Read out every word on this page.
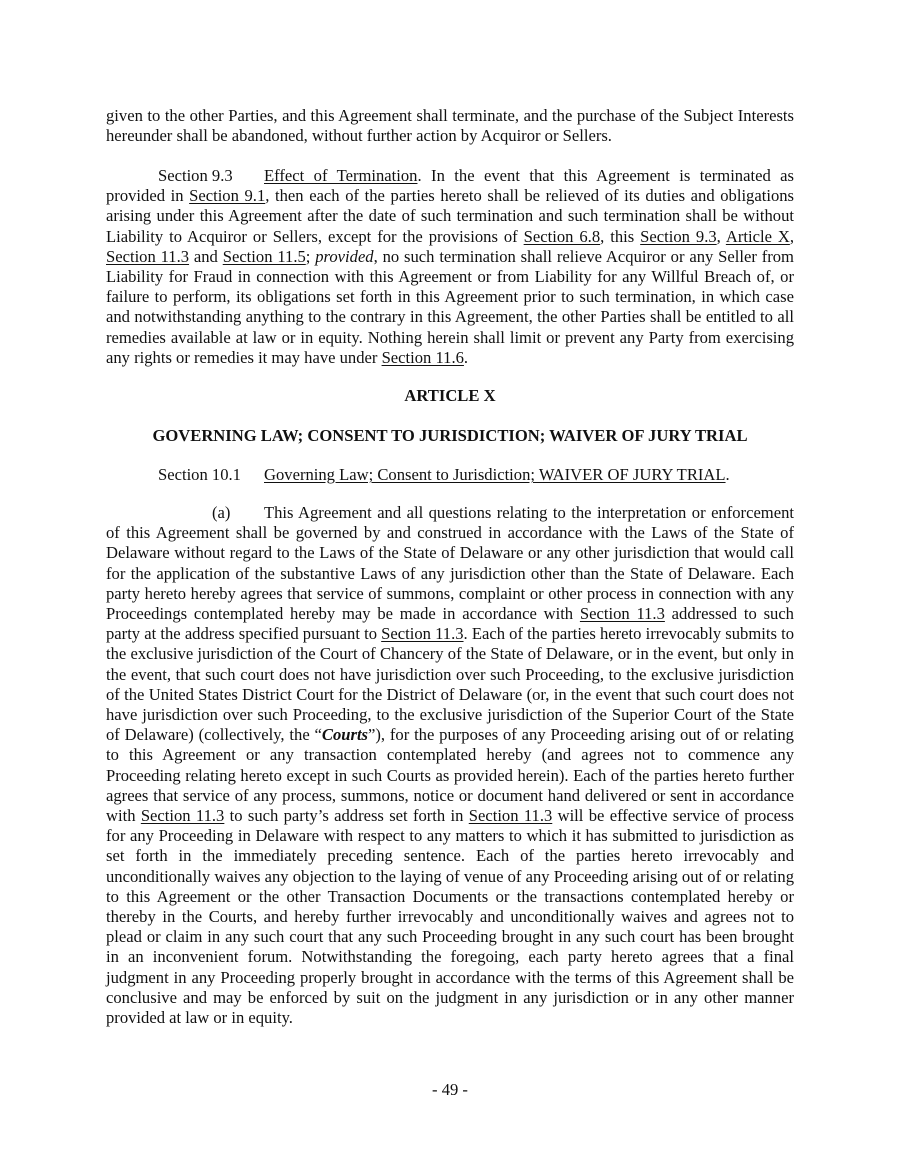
given to the other Parties, and this Agreement shall terminate, and the purchase of the Subject Interests hereunder shall be abandoned, without further action by Acquiror or Sellers.

Section 9.3 Effect of Termination. In the event that this Agreement is terminated as provided in Section 9.1, then each of the parties hereto shall be relieved of its duties and obligations arising under this Agreement after the date of such termination and such termination shall be without Liability to Acquiror or Sellers, except for the provisions of Section 6.8, this Section 9.3, Article X, Section 11.3 and Section 11.5; provided, no such termination shall relieve Acquiror or any Seller from Liability for Fraud in connection with this Agreement or from Liability for any Willful Breach of, or failure to perform, its obligations set forth in this Agreement prior to such termination, in which case and notwithstanding anything to the contrary in this Agreement, the other Parties shall be entitled to all remedies available at law or in equity. Nothing herein shall limit or prevent any Party from exercising any rights or remedies it may have under Section 11.6.

ARTICLE X

GOVERNING LAW; CONSENT TO JURISDICTION; WAIVER OF JURY TRIAL

Section 10.1 Governing Law; Consent to Jurisdiction; WAIVER OF JURY TRIAL.

(a) This Agreement and all questions relating to the interpretation or enforcement of this Agreement shall be governed by and construed in accordance with the Laws of the State of Delaware without regard to the Laws of the State of Delaware or any other jurisdiction that would call for the application of the substantive Laws of any jurisdiction other than the State of Delaware. Each party hereto hereby agrees that service of summons, complaint or other process in connection with any Proceedings contemplated hereby may be made in accordance with Section 11.3 addressed to such party at the address specified pursuant to Section 11.3. Each of the parties hereto irrevocably submits to the exclusive jurisdiction of the Court of Chancery of the State of Delaware, or in the event, but only in the event, that such court does not have jurisdiction over such Proceeding, to the exclusive jurisdiction of the United States District Court for the District of Delaware (or, in the event that such court does not have jurisdiction over such Proceeding, to the exclusive jurisdiction of the Superior Court of the State of Delaware) (collectively, the “Courts”), for the purposes of any Proceeding arising out of or relating to this Agreement or any transaction contemplated hereby (and agrees not to commence any Proceeding relating hereto except in such Courts as provided herein). Each of the parties hereto further agrees that service of any process, summons, notice or document hand delivered or sent in accordance with Section 11.3 to such party’s address set forth in Section 11.3 will be effective service of process for any Proceeding in Delaware with respect to any matters to which it has submitted to jurisdiction as set forth in the immediately preceding sentence. Each of the parties hereto irrevocably and unconditionally waives any objection to the laying of venue of any Proceeding arising out of or relating to this Agreement or the other Transaction Documents or the transactions contemplated hereby or thereby in the Courts, and hereby further irrevocably and unconditionally waives and agrees not to plead or claim in any such court that any such Proceeding brought in any such court has been brought in an inconvenient forum. Notwithstanding the foregoing, each party hereto agrees that a final judgment in any Proceeding properly brought in accordance with the terms of this Agreement shall be conclusive and may be enforced by suit on the judgment in any jurisdiction or in any other manner provided at law or in equity.

- 49 -
